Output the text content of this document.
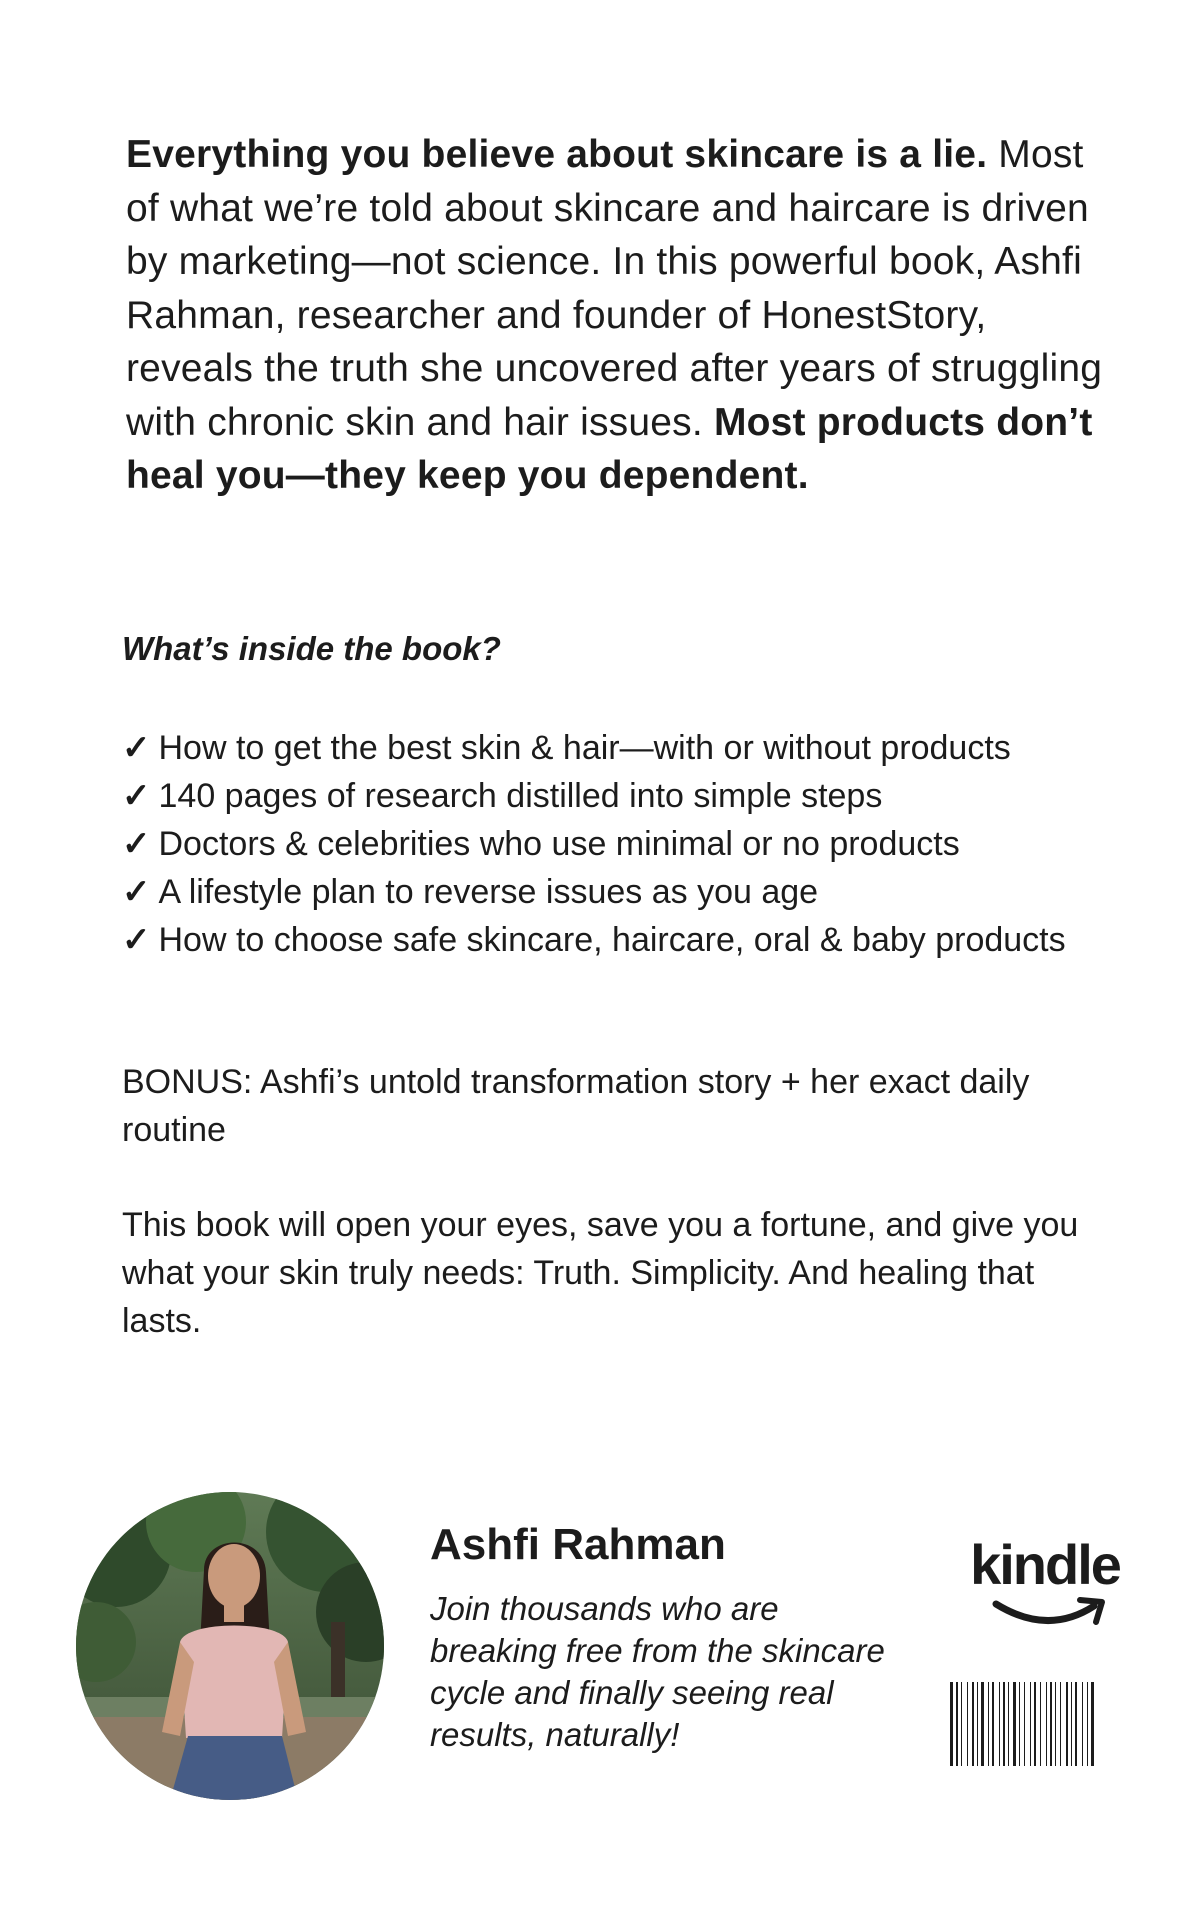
Everything you believe about skincare is a lie. Most of what we’re told about skincare and haircare is driven by marketing—not science. In this powerful book, Ashfi Rahman, researcher and founder of HonestStory, reveals the truth she uncovered after years of struggling with chronic skin and hair issues. Most products don’t heal you—they keep you dependent.

What’s inside the book?
✓ How to get the best skin & hair—with or without products
✓ 140 pages of research distilled into simple steps
✓ Doctors & celebrities who use minimal or no products
✓ A lifestyle plan to reverse issues as you age
✓ How to choose safe skincare, haircare, oral & baby products

BONUS: Ashfi’s untold transformation story + her exact daily routine

This book will open your eyes, save you a fortune, and give you what your skin truly needs: Truth. Simplicity. And healing that lasts.

Ashfi Rahman

Join thousands who are breaking free from the skincare cycle and finally seeing real results, naturally!

kindle
